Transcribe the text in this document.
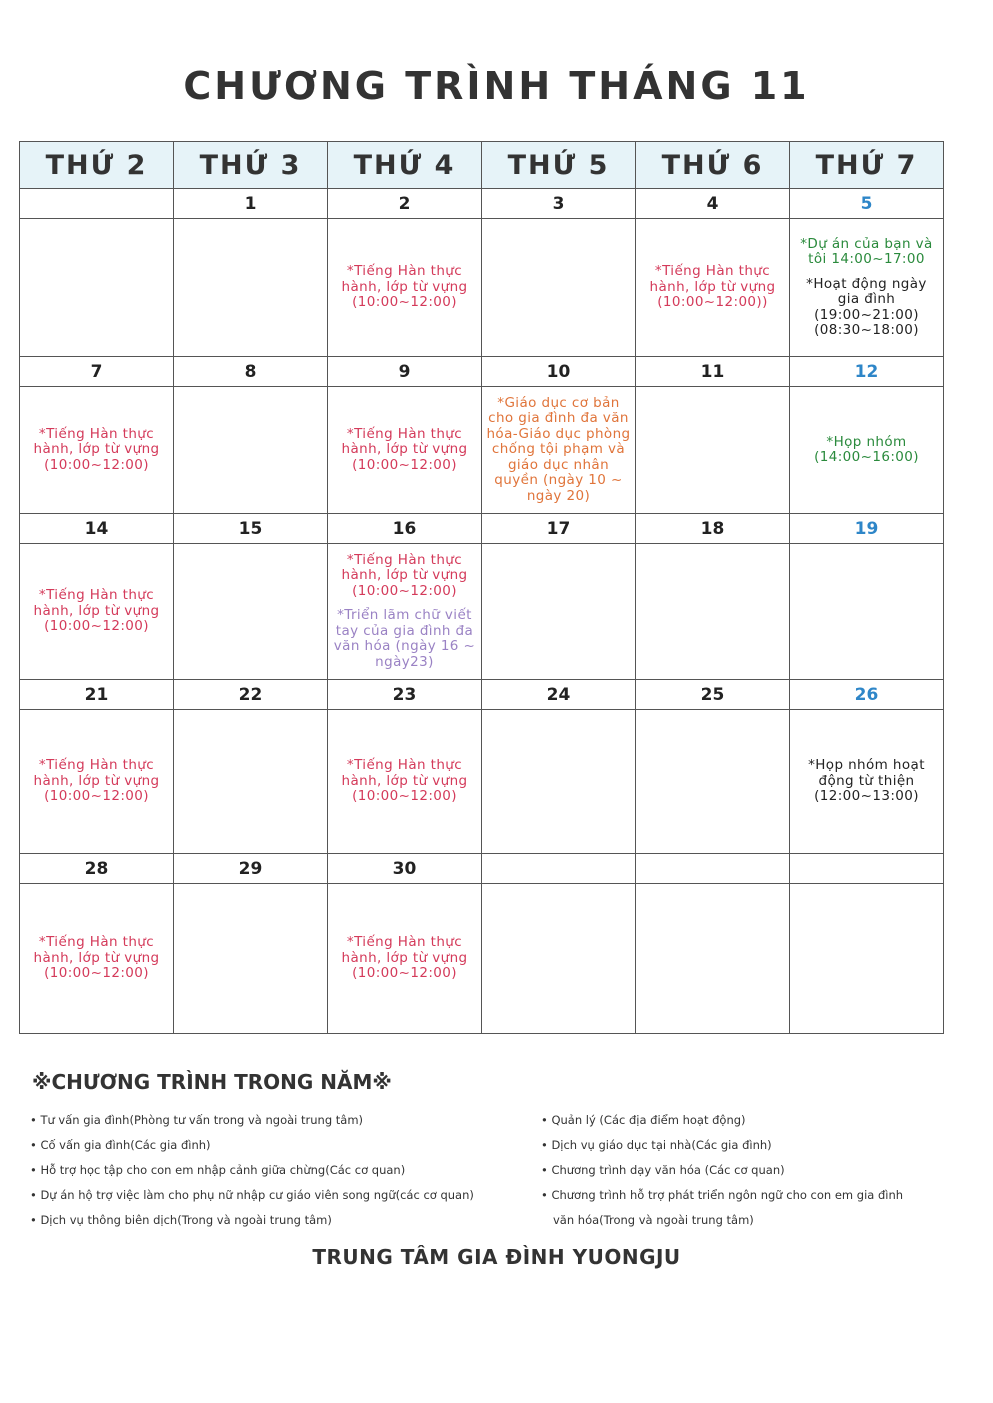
CHƯƠNG TRÌNH THÁNG 11
THỨ 2	THỨ 3	THỨ 4	THỨ 5	THỨ 6	THỨ 7
	1	2	3	4	5

		*Tiếng Hàn thực hành, lớp từ vựng (10:00~12:00)		*Tiếng Hàn thực hành, lớp từ vựng (10:00~12:00))	*Dự án của bạn và tôi 14:00~17:00
*Hoạt động ngày gia đình (19:00~21:00) (08:30~18:00)

7	8	9	10	11	12

*Tiếng Hàn thực hành, lớp từ vựng (10:00~12:00)		*Tiếng Hàn thực hành, lớp từ vựng (10:00~12:00)	*Giáo dục cơ bản cho gia đình đa văn hóa-Giáo dục phòng chống tội phạm và giáo dục nhân quyền (ngày 10 ~ ngày 20)		*Họp nhóm (14:00~16:00)

14	15	16	17	18	19

*Tiếng Hàn thực hành, lớp từ vựng (10:00~12:00)		*Tiếng Hàn thực hành, lớp từ vựng (10:00~12:00)
*Triển lãm chữ viết tay của gia đình đa văn hóa (ngày 16 ~ ngày23)			

21	22	23	24	25	26

*Tiếng Hàn thực hành, lớp từ vựng (10:00~12:00)		*Tiếng Hàn thực hành, lớp từ vựng (10:00~12:00)			*Họp nhóm hoạt động từ thiện (12:00~13:00)

28	29	30			

*Tiếng Hàn thực hành, lớp từ vựng (10:00~12:00)		*Tiếng Hàn thực hành, lớp từ vựng (10:00~12:00)			

※CHƯƠNG TRÌNH TRONG NĂM※
• Tư vấn gia đình(Phòng tư vấn trong và ngoài trung tâm)
• Cố vấn gia đình(Các gia đình)
• Hỗ trợ học tập cho con em nhập cảnh giữa chừng(Các cơ quan)
• Dự án hộ trợ việc làm cho phụ nữ nhập cư giáo viên song ngữ(các cơ quan)
• Dịch vụ thông biên dịch(Trong và ngoài trung tâm)
• Quản lý (Các địa điểm hoạt động)
• Dịch vụ giáo dục tại nhà(Các gia đình)
• Chương trình dạy văn hóa (Các cơ quan)
• Chương trình hỗ trợ phát triển ngôn ngữ cho con em gia đình
văn hóa(Trong và ngoài trung tâm)
TRUNG TÂM GIA ĐÌNH YUONGJU
